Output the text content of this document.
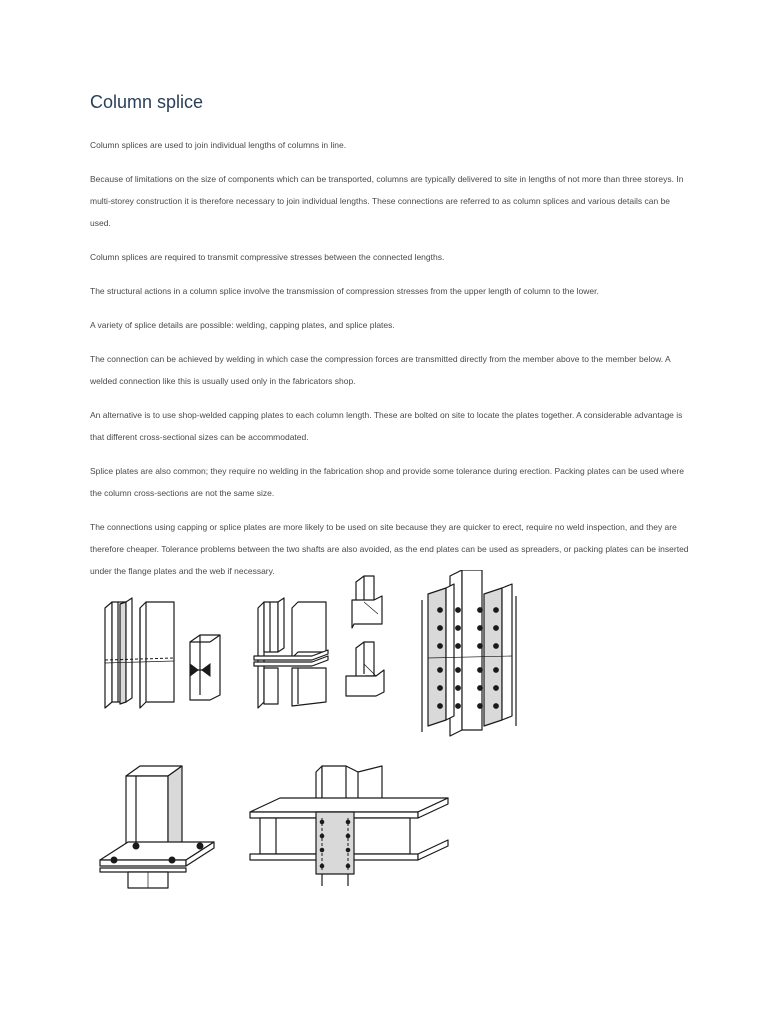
Column splice

Column splices are used to join individual lengths of columns in line.

Because of limitations on the size of components which can be transported, columns are typically delivered to site in lengths of not more than three storeys. In multi-storey construction it is therefore necessary to join individual lengths. These connections are referred to as column splices and various details can be used.

Column splices are required to transmit compressive stresses between the connected lengths.

The structural actions in a column splice involve the transmission of compression stresses from the upper length of column to the lower.

A variety of splice details are possible: welding, capping plates, and splice plates.

The connection can be achieved by welding in which case the compression forces are transmitted directly from the member above to the member below. A welded connection like this is usually used only in the fabricators shop.

An alternative is to use shop-welded capping plates to each column length. These are bolted on site to locate the plates together. A considerable advantage is that different cross-sectional sizes can be accommodated.

Splice plates are also common; they require no welding in the fabrication shop and provide some tolerance during erection. Packing plates can be used where the column cross-sections are not the same size.

The connections using capping or splice plates are more likely to be used on site because they are quicker to erect, require no weld inspection, and they are therefore cheaper. Tolerance problems between the two shafts are also avoided, as the end plates can be used as spreaders, or packing plates can be inserted under the flange plates and the web if necessary.
